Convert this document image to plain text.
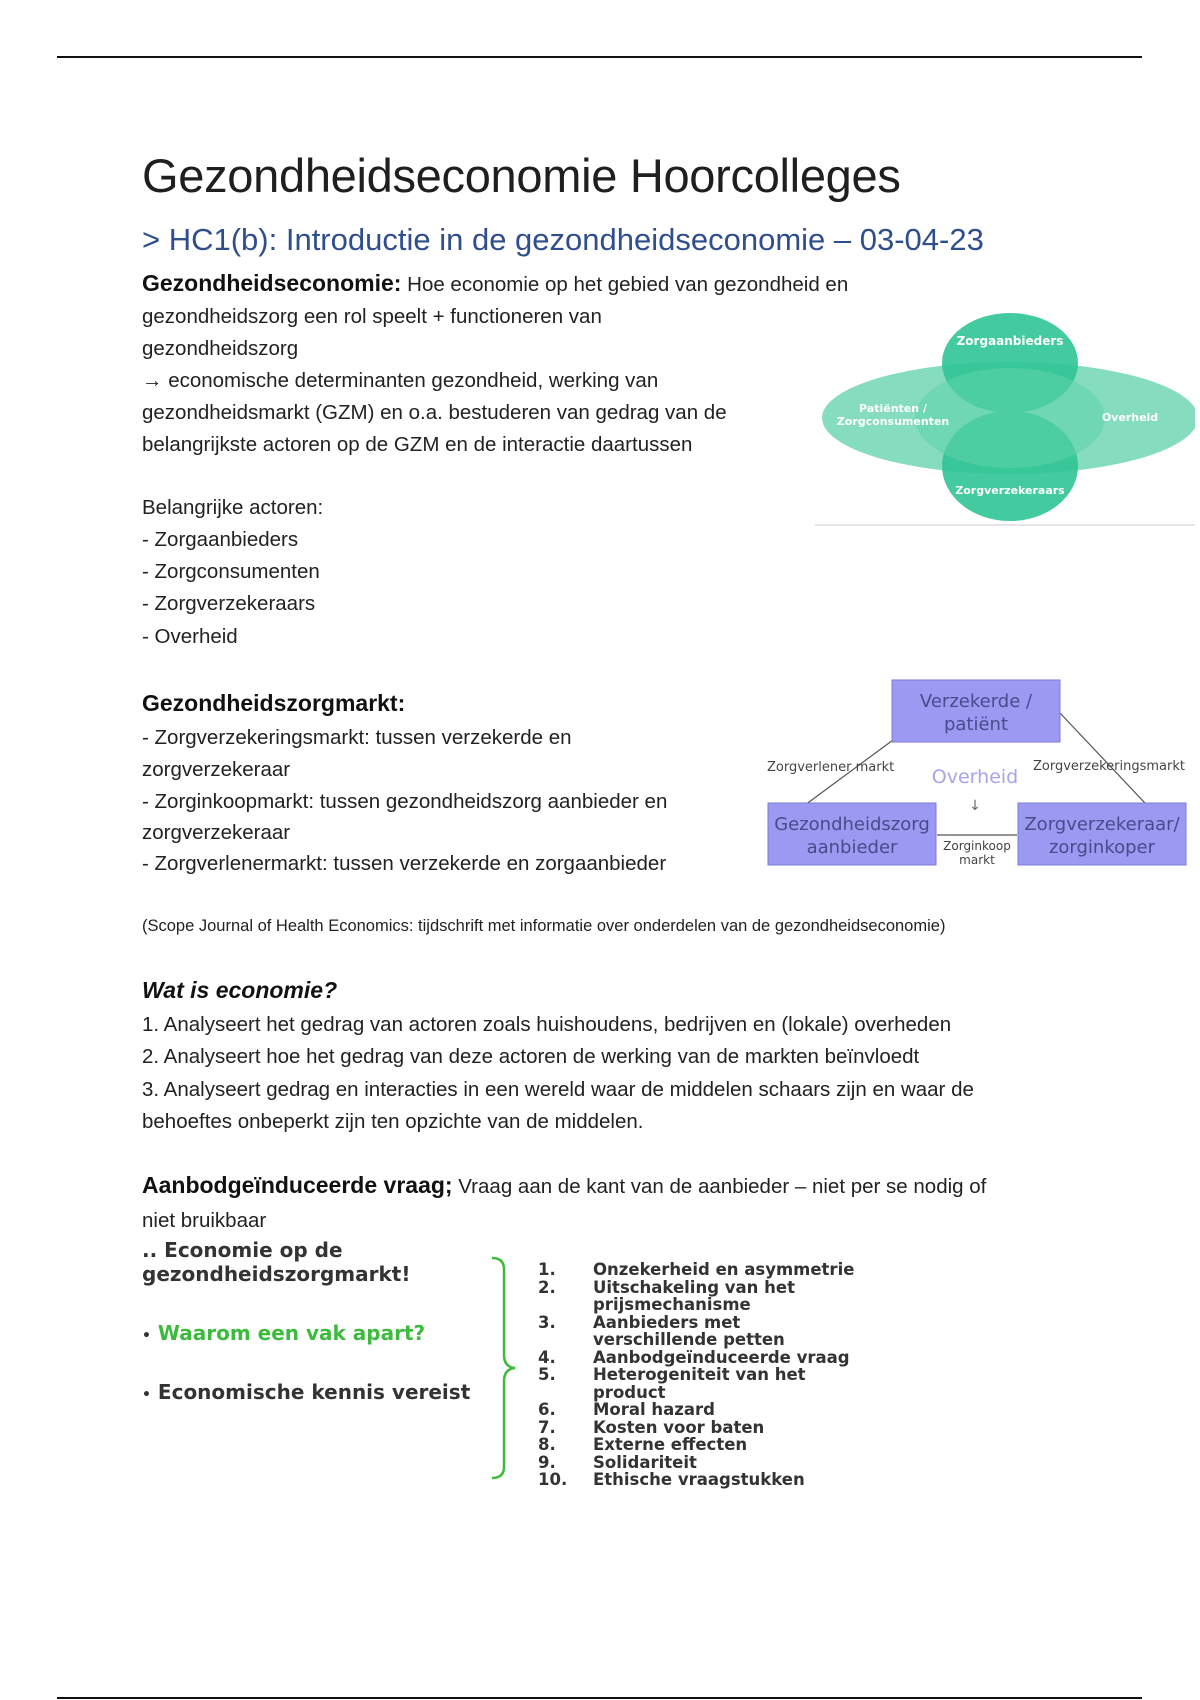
Gezondheidseconomie Hoorcolleges
> HC1(b): Introductie in de gezondheidseconomie – 03-04-23
Gezondheidseconomie: Hoe economie op het gebied van gezondheid en
gezondheidszorg een rol speelt + functioneren van
gezondheidszorg
→ economische determinanten gezondheid, werking van
gezondheidsmarkt (GZM) en o.a. bestuderen van gedrag van de
belangrijkste actoren op de GZM en de interactie daartussen
Zorgaanbieders
Patiënten /
Zorgconsumenten	Overheid
Zorgverzekeraars
Belangrijke actoren:
- Zorgaanbieders
- Zorgconsumenten
- Zorgverzekeraars
- Overheid
Gezondheidszorgmarkt:
- Zorgverzekeringsmarkt: tussen verzekerde en
zorgverzekeraar
- Zorginkoopmarkt: tussen gezondheidszorg aanbieder en
zorgverzekeraar
- Zorgverlenermarkt: tussen verzekerde en zorgaanbieder
Verzekerde /
patiënt
Gezondheidszorg
aanbieder
Zorgverzekeraar/
zorginkoper
Overheid
↓
Zorgverlener markt	Zorgverzekeringsmarkt
Zorginkoop
markt
(Scope Journal of Health Economics: tijdschrift met informatie over onderdelen van de gezondheidseconomie)
Wat is economie?
1. Analyseert het gedrag van actoren zoals huishoudens, bedrijven en (lokale) overheden
2. Analyseert hoe het gedrag van deze actoren de werking van de markten beïnvloedt
3. Analyseert gedrag en interacties in een wereld waar de middelen schaars zijn en waar de
behoeftes onbeperkt zijn ten opzichte van de middelen.
Aanbodgeïnduceerde vraag; Vraag aan de kant van de aanbieder – niet per se nodig of
niet bruikbaar
.. Economie op de
gezondheidszorgmarkt!
• Waarom een vak apart?
• Economische kennis vereist
1.	Onzekerheid en asymmetrie
2.	Uitschakeling van het prijsmechanisme
3.	Aanbieders met verschillende petten
4.	Aanbodgeïnduceerde vraag
5.	Heterogeniteit van het product
6.	Moral hazard
7.	Kosten voor baten
8.	Externe effecten
9.	Solidariteit
10.	Ethische vraagstukken
